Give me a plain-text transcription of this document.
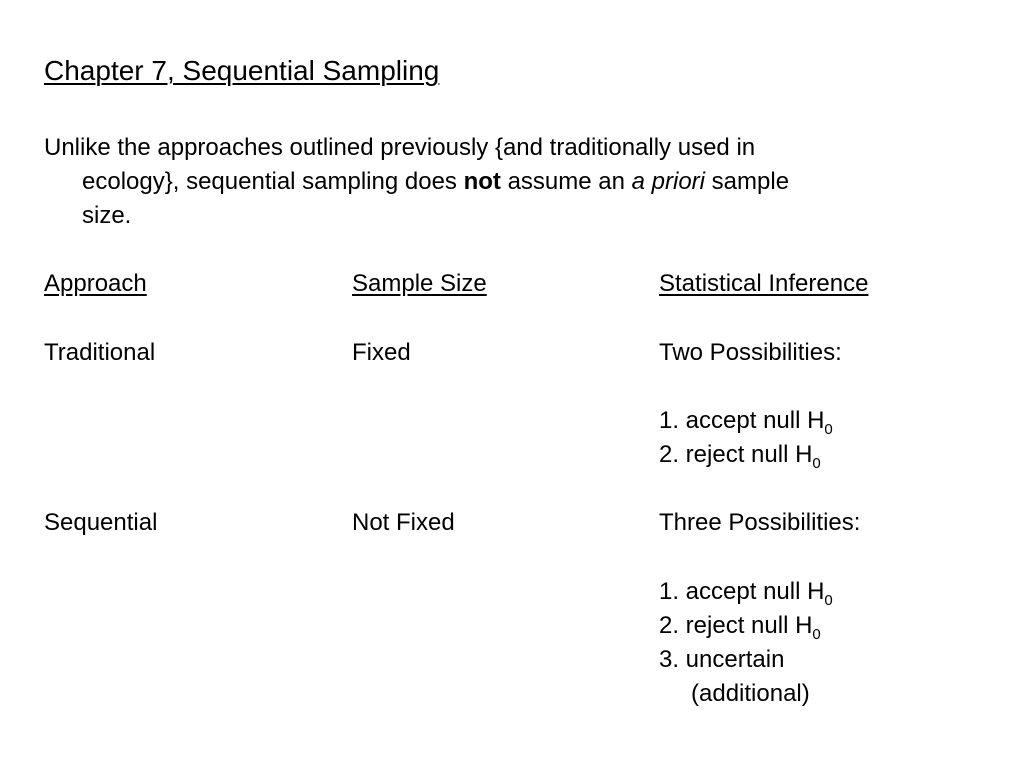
Chapter 7, Sequential Sampling
Unlike the approaches outlined previously {and traditionally used in
ecology}, sequential sampling does not assume an a priori sample
size.
Approach	Sample Size	Statistical Inference
Traditional	Fixed	Two Possibilities:
1. accept null $H_0$
2. reject null $H_0$
Sequential	Not Fixed	Three Possibilities:
1. accept null $H_0$
2. reject null $H_0$
3. uncertain
(additional)
